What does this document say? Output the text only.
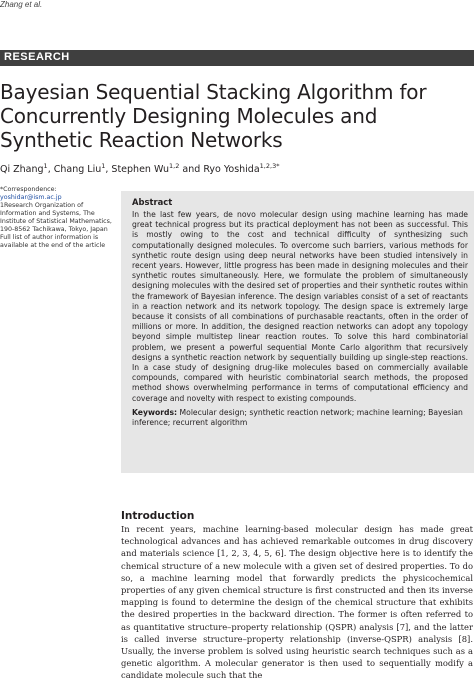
Zhang et al.
RESEARCH
Bayesian Sequential Stacking Algorithm for Concurrently Designing Molecules and Synthetic Reaction Networks
Qi Zhang$^1$, Chang Liu$^1$, Stephen Wu$^{1,2}$ and Ryo Yoshida$^{1,2,3*}$
*Correspondence:
yoshidar@ism.ac.jp
1Research Organization of Information and Systems, The Institute of Statistical Mathematics, 190-8562 Tachikawa, Tokyo, Japan
Full list of author information is available at the end of the article
Abstract
In the last few years, de novo molecular design using machine learning has made great technical progress but its practical deployment has not been as successful. This is mostly owing to the cost and technical difficulty of synthesizing such computationally designed molecules. To overcome such barriers, various methods for synthetic route design using deep neural networks have been studied intensively in recent years. However, little progress has been made in designing molecules and their synthetic routes simultaneously. Here, we formulate the problem of simultaneously designing molecules with the desired set of properties and their synthetic routes within the framework of Bayesian inference. The design variables consist of a set of reactants in a reaction network and its network topology. The design space is extremely large because it consists of all combinations of purchasable reactants, often in the order of millions or more. In addition, the designed reaction networks can adopt any topology beyond simple multistep linear reaction routes. To solve this hard combinatorial problem, we present a powerful sequential Monte Carlo algorithm that recursively designs a synthetic reaction network by sequentially building up single-step reactions. In a case study of designing drug-like molecules based on commercially available compounds, compared with heuristic combinatorial search methods, the proposed method shows overwhelming performance in terms of computational efficiency and coverage and novelty with respect to existing compounds.
Keywords: Molecular design; synthetic reaction network; machine learning; Bayesian inference; recurrent algorithm
Introduction
In recent years, machine learning-based molecular design has made great technological advances and has achieved remarkable outcomes in drug discovery and materials science [1, 2, 3, 4, 5, 6]. The design objective here is to identify the chemical structure of a new molecule with a given set of desired properties. To do so, a machine learning model that forwardly predicts the physicochemical properties of any given chemical structure is first constructed and then its inverse mapping is found to determine the design of the chemical structure that exhibits the desired properties in the backward direction. The former is often referred to as quantitative structure–property relationship (QSPR) analysis [7], and the latter is called inverse structure–property relationship (inverse-QSPR) analysis [8]. Usually, the inverse problem is solved using heuristic search techniques such as a genetic algorithm. A molecular generator is then used to sequentially modify a candidate molecule such that the
